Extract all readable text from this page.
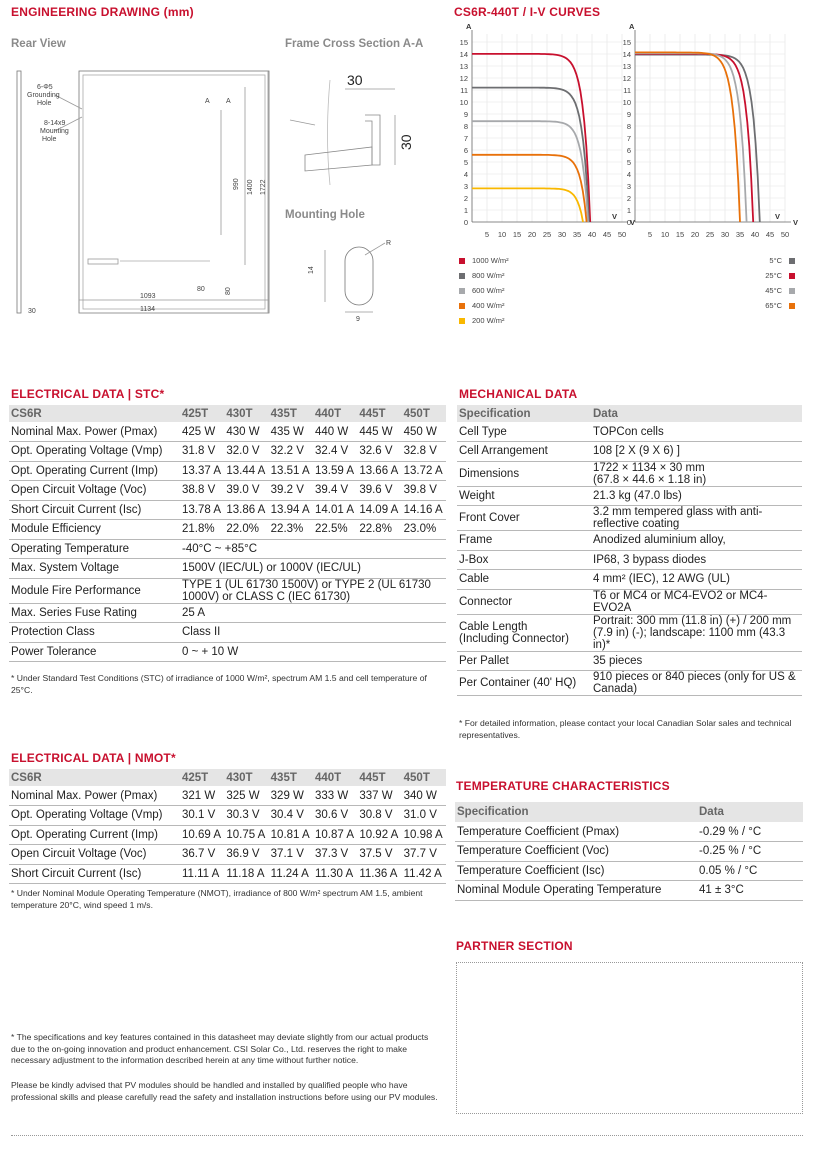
ENGINEERING DRAWING (mm)
Rear View	Frame Cross Section A-A
Mounting Hole
6-Φ5 Grounding Hole
8-14x9 Mounting Hole
A A
990 1400 1722
80	80
1093
1134
30
14
9
R
30
30
CS6R-440T / I-V CURVES
0
1
2
3
4
5
6
7
8
9
10
11
12
13
14
15
5 10 15 20 25 30 35 40 45 50
A
V
V
0
1
2
3
4
5
6
7
8
9
10
11
12
13
14
15
5 10 15 20 25 30 35 40 45 50
A
V
V
1000 W/m²
800 W/m²
600 W/m²
400 W/m²
200 W/m²
5°C
25°C
45°C
65°C
ELECTRICAL DATA | STC*
CS6R	425T	430T	435T	440T	445T	450T
Nominal Max. Power (Pmax)	425 W	430 W	435 W	440 W	445 W	450 W
Opt. Operating Voltage (Vmp)	31.8 V	32.0 V	32.2 V	32.4 V	32.6 V	32.8 V
Opt. Operating Current (Imp)	13.37 A	13.44 A	13.51 A	13.59 A	13.66 A	13.72 A
Open Circuit Voltage (Voc)	38.8 V	39.0 V	39.2 V	39.4 V	39.6 V	39.8 V
Short Circuit Current (Isc)	13.78 A	13.86 A	13.94 A	14.01 A	14.09 A	14.16 A
Module Efficiency	21.8%	22.0%	22.3%	22.5%	22.8%	23.0%
Operating Temperature	-40°C ~ +85°C					
Max. System Voltage	1500V (IEC/UL) or 1000V (IEC/UL)					
Module Fire Performance	TYPE 1 (UL 61730 1500V) or TYPE 2 (UL 61730 1000V) or CLASS C (IEC 61730)					
Max. Series Fuse Rating	25 A					
Protection Class	Class II					
Power Tolerance	0 ~ + 10 W					
* Under Standard Test Conditions (STC) of irradiance of 1000 W/m², spectrum AM 1.5 and cell temperature of 25°C.
ELECTRICAL DATA | NMOT*
CS6R	425T	430T	435T	440T	445T	450T
Nominal Max. Power (Pmax)	321 W	325 W	329 W	333 W	337 W	340 W
Opt. Operating Voltage (Vmp)	30.1 V	30.3 V	30.4 V	30.6 V	30.8 V	31.0 V
Opt. Operating Current (Imp)	10.69 A	10.75 A	10.81 A	10.87 A	10.92 A	10.98 A
Open Circuit Voltage (Voc)	36.7 V	36.9 V	37.1 V	37.3 V	37.5 V	37.7 V
Short Circuit Current (Isc)	11.11 A	11.18 A	11.24 A	11.30 A	11.36 A	11.42 A
* Under Nominal Module Operating Temperature (NMOT), irradiance of 800 W/m² spectrum AM 1.5, ambient temperature 20°C, wind speed 1 m/s.
MECHANICAL DATA
Specification	Data
Cell Type	TOPCon cells
Cell Arrangement	108 [2 X (9 X 6) ]
Dimensions	1722 × 1134 × 30 mm
(67.8 × 44.6 × 1.18 in)
Weight	21.3 kg (47.0 lbs)
Front Cover	3.2 mm tempered glass with anti-reflective coating
Frame	Anodized aluminium alloy,
J-Box	IP68, 3 bypass diodes
Cable	4 mm² (IEC), 12 AWG (UL)
Connector	T6 or MC4 or MC4-EVO2 or MC4-EVO2A
Cable Length
(Including Connector)	Portrait: 300 mm (11.8 in) (+) / 200 mm (7.9 in) (-); landscape: 1100 mm (43.3 in)*
Per Pallet	35 pieces
Per Container (40' HQ)	910 pieces or 840 pieces (only for US & Canada)
* For detailed information, please contact your local Canadian Solar sales and technical representatives.
TEMPERATURE CHARACTERISTICS
Specification	Data
Temperature Coefficient (Pmax)	-0.29 % / °C
Temperature Coefficient (Voc)	-0.25 % / °C
Temperature Coefficient (Isc)	0.05 % / °C
Nominal Module Operating Temperature	41 ± 3°C
PARTNER SECTION
* The specifications and key features contained in this datasheet may deviate slightly from our actual products due to the on-going innovation and product enhancement. CSI Solar Co., Ltd. reserves the right to make necessary adjustment to the information described herein at any time without further notice.
Please be kindly advised that PV modules should be handled and installed by qualified people who have professional skills and please carefully read the safety and installation instructions before using our PV modules.
